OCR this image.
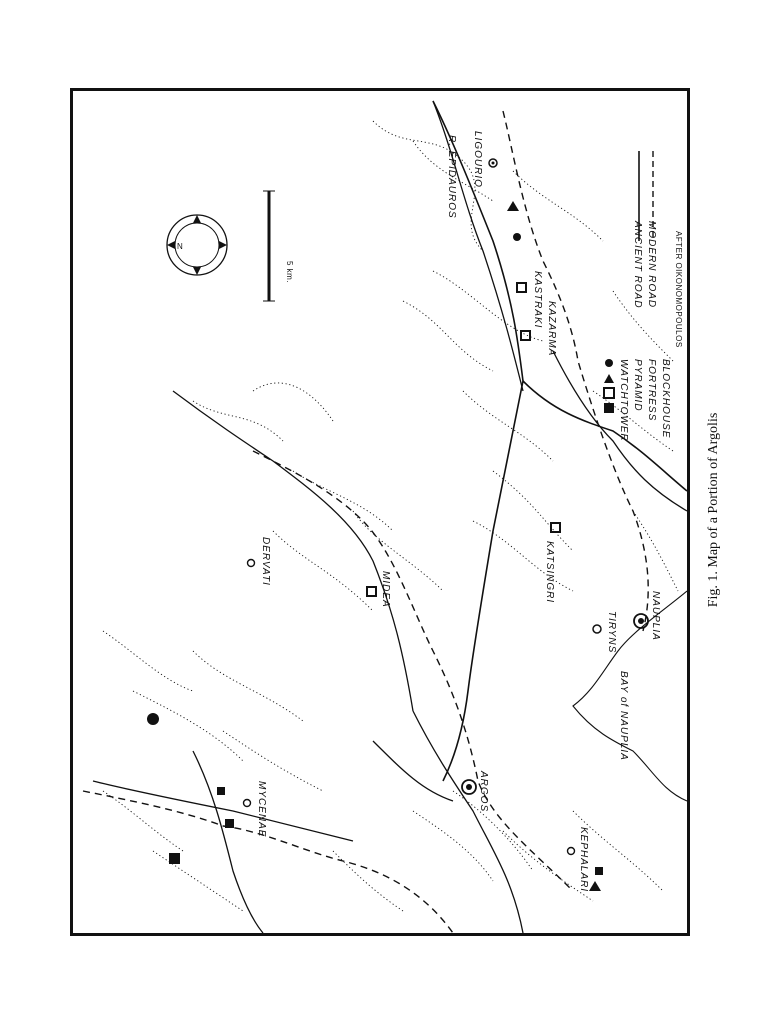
N
5 km.
WATCHTOWER PYRAMID FORTRESS BLOCKHOUSE
ANCIENT ROAD MODERN ROAD AFTER OIKONOMOPOULOS
LIGOURIO
R. EPIDAUROS
KASTRAKI
KAZARMA
KATSINGRI
MIDEA
DERVATI
TIRYNS	NAUPLIA
BAY of NAUPLIA
ARGOS
MYCENAE
KEPHALARI
Fig. 1. Map of a Portion of Argolis
